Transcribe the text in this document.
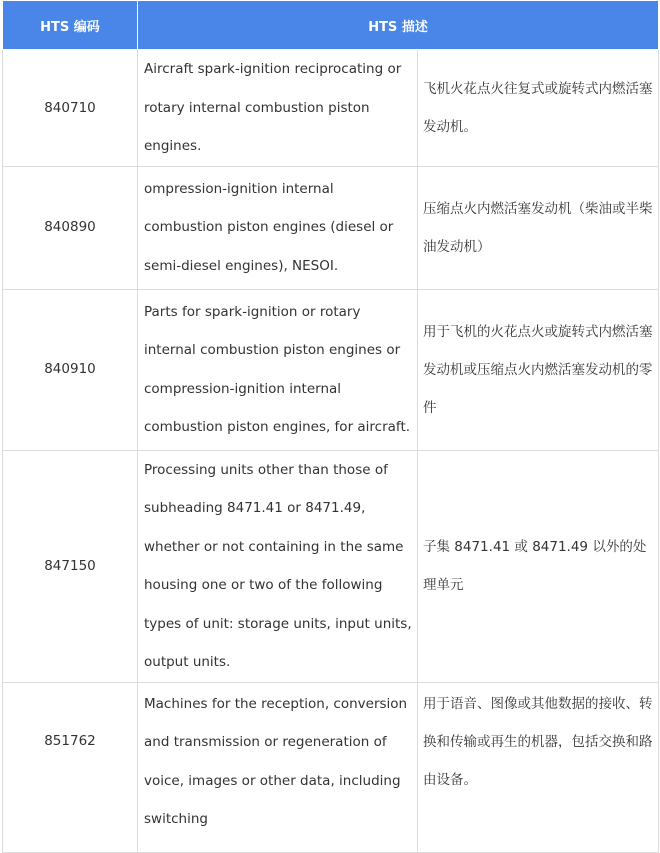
HTS 编码	HTS 描述	
840710	Aircraft spark-ignition reciprocating or rotary internal combustion piston engines.	飞机火花点火往复式或旋转式内燃活塞发动机。
840890	ompression-ignition internal combustion piston engines (diesel or semi-diesel engines), NESOI.	压缩点火内燃活塞发动机（柴油或半柴油发动机）
840910	Parts for spark-ignition or rotary internal combustion piston engines or compression-ignition internal combustion piston engines, for aircraft.	用于飞机的火花点火或旋转式内燃活塞发动机或压缩点火内燃活塞发动机的零件
847150	Processing units other than those of subheading 8471.41 or 8471.49, whether or not containing in the same housing one or two of the following types of unit: storage units, input units, output units.	子集 8471.41 或 8471.49 以外的处理单元
851762	Machines for the reception, conversion and transmission or regeneration of voice, images or other data, including switching	用于语音、图像或其他数据的接收、转换和传输或再生的机器，包括交换和路由设备。
